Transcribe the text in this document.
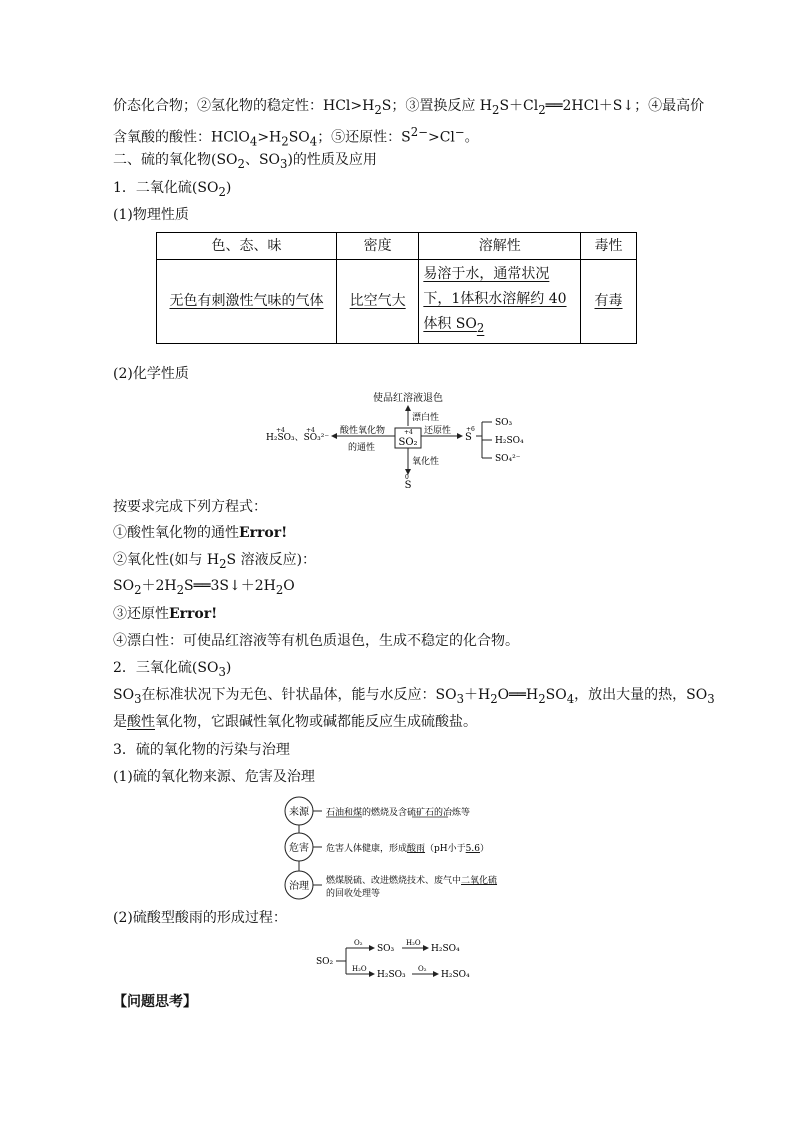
价态化合物；②氢化物的稳定性：$HCl>H_2S$；③置换反应 $H_2S+Cl_2══2HCl+S↓$；④最高价
含氧酸的酸性：$HClO_4>H_2SO_4$；⑤还原性：$S^{2-}>Cl^-$。
二、硫的氧化物($SO_2$、$SO_3$)的性质及应用
1．二氧化硫$(SO_2)$
(1)物理性质
色、态、味	密度	溶解性	毒性
无色有刺激性气味的气体	比空气大	易溶于水，通常状况下，1体积水溶解约 40 体积 $SO_2$	有毒
(2)化学性质
使品红溶液退色
漂白性
+4
SO₂
酸性氧化物
的通性
+4	+4
H₂SO₃、SO₃²⁻
还原性 +6
S
SO₃
H₂SO₄
SO₄²⁻
氧化性
0
S
按要求完成下列方程式：
①酸性氧化物的通性Error!
②氧化性(如与 $H_2S$ 溶液反应)：
$SO_2+2H_2S══3S↓+2H_2O$
③还原性Error!
④漂白性：可使品红溶液等有机色质退色，生成不稳定的化合物。
2．三氧化硫$(SO_3)$
$SO_3$在标准状况下为无色、针状晶体，能与水反应：$SO_3+H_2O══H_2SO_4$，放出大量的热，$SO_3$
是酸性氧化物，它跟碱性氧化物或碱都能反应生成硫酸盐。
3．硫的氧化物的污染与治理
(1)硫的氧化物来源、危害及治理
来源 石油和煤的燃烧及含硫矿石的冶炼等
危害 危害人体健康，形成酸雨（pH小于5.6）
治理 燃煤脱硫、改进燃烧技术、废气中二氧化硫
的回收处理等
(2)硫酸型酸雨的形成过程：
SO₂
O₂
SO₃
H₂O
H₂SO₄
H₂O
H₂SO₃
O₂
H₂SO₄
【问题思考】
